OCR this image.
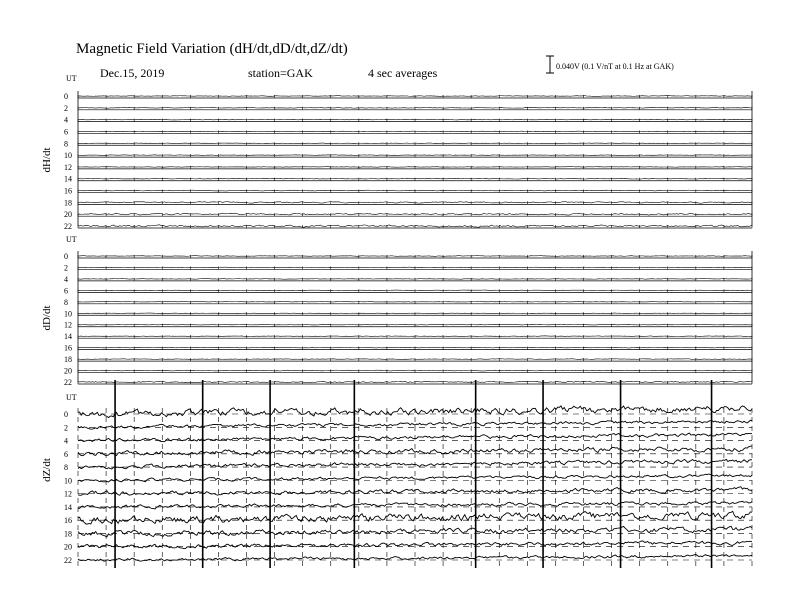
Magnetic Field Variation (dH/dt,dD/dt,dZ/dt)
Dec.15, 2019	station=GAK	4 sec averages	0.040V (0.1 V/nT at 0.1 Hz at GAK)
UT
dH/dt
0
2
4
6
8
10
12
14
16
18
20
22
UT
dD/dt
0
2
4
6
8
10
12
14
16
18
20
22
UT
dZ/dt
0
2
4
6
8
10
12
14
16
18
20
22
